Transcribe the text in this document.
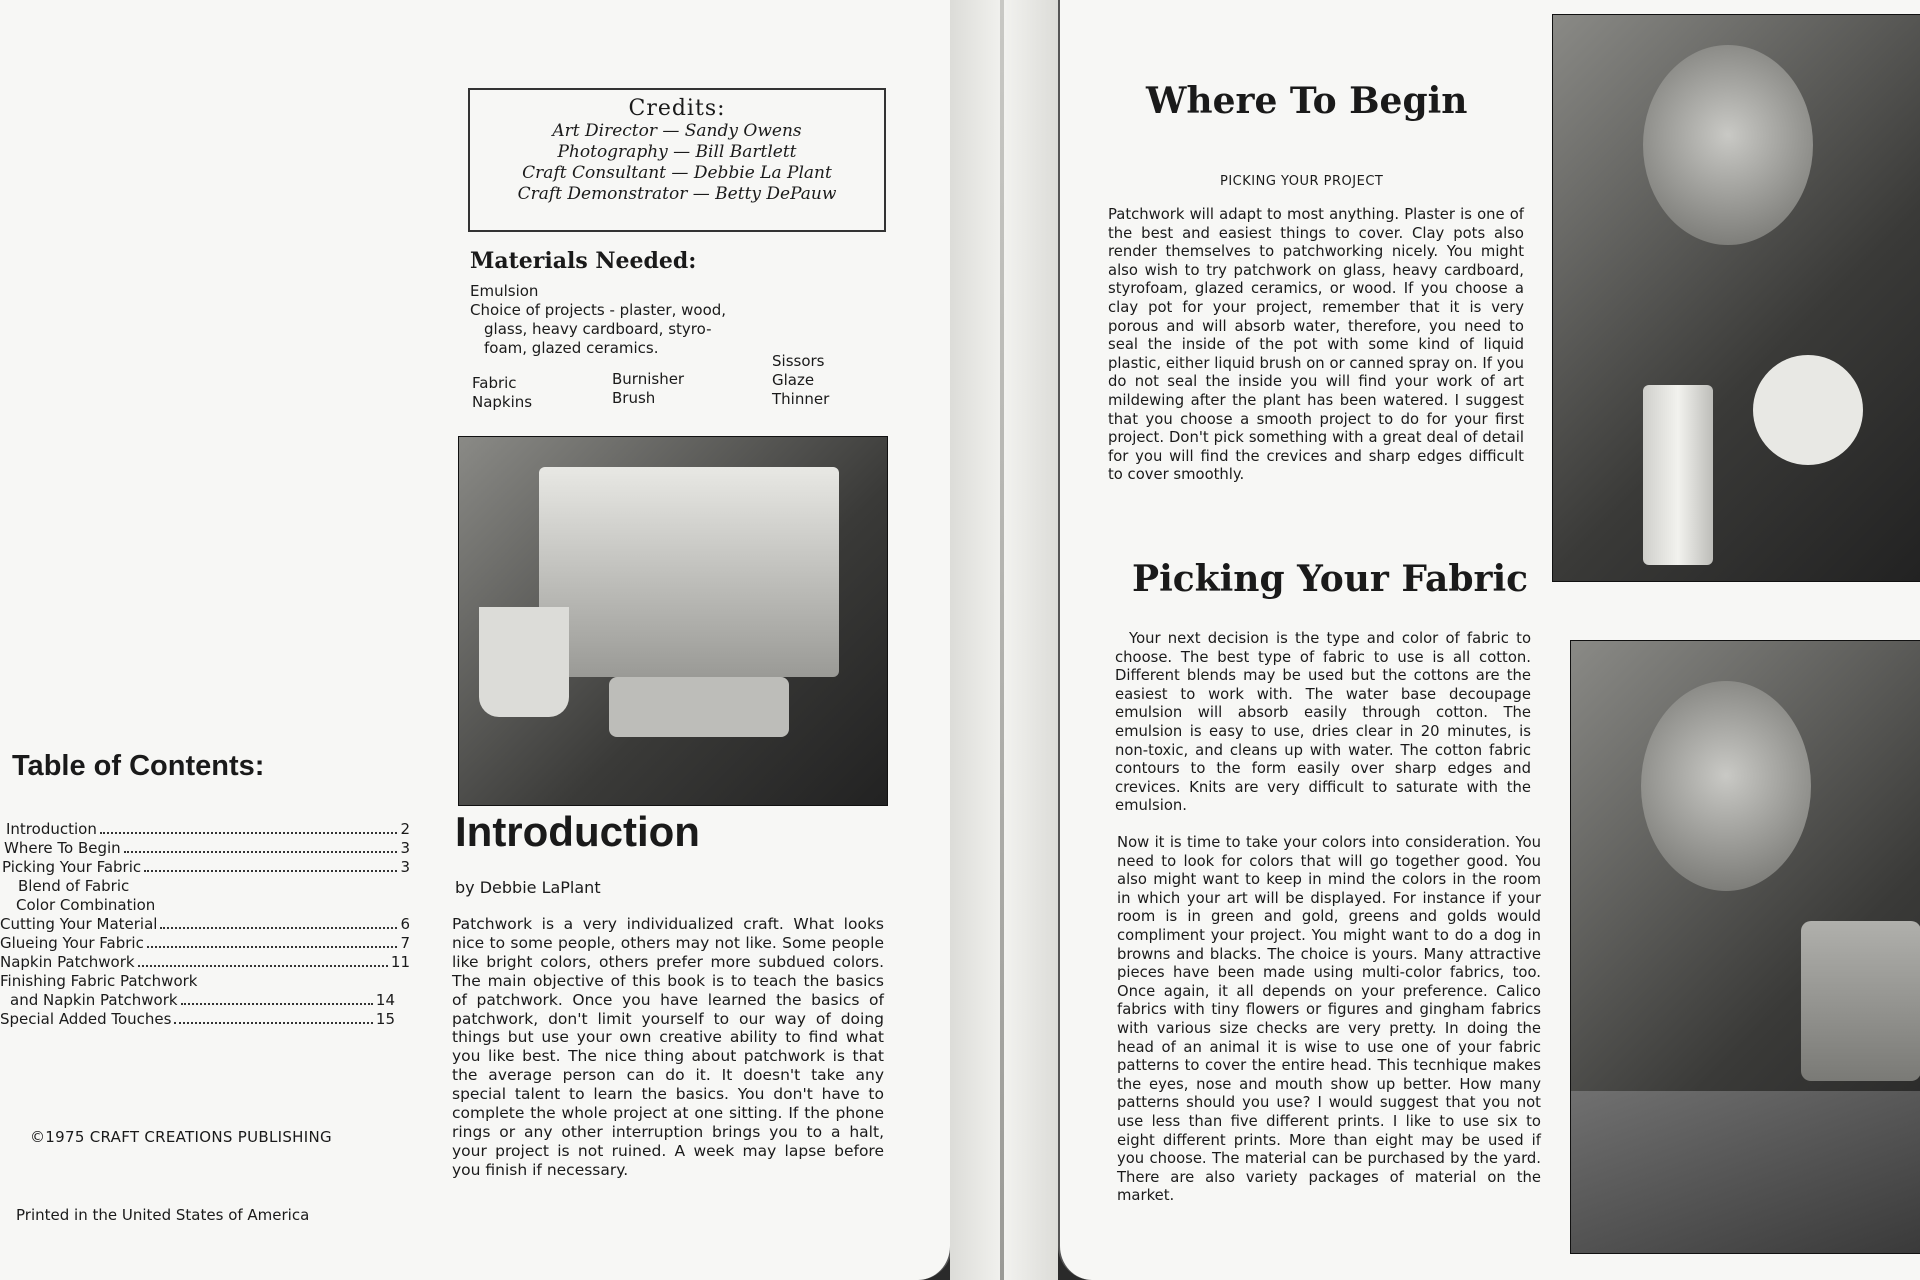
Credits:
Art Director — Sandy Owens
Photography — Bill Bartlett
Craft Consultant — Debbie La Plant
Craft Demonstrator — Betty DePauw
Materials Needed:
Emulsion
Choice of projects - plaster, wood,
glass, heavy cardboard, styro-
foam, glazed ceramics.
Fabric
Napkins
Burnisher
Brush
Sissors
Glaze
Thinner
Introduction
by Debbie LaPlant
Patchwork is a very individualized craft. What looks nice to some people, others may not like. Some people like bright colors, others prefer more subdued colors. The main objective of this book is to teach the basics of patchwork. Once you have learned the basics of patchwork, don't limit yourself to our way of doing things but use your own creative ability to find what you like best. The nice thing about patchwork is that the average person can do it. It doesn't take any special talent to learn the basics. You don't have to complete the whole project at one sitting. If the phone rings or any other interruption brings you to a halt, your project is not ruined. A week may lapse before you finish if necessary.
Table of Contents:
Introduction	2
Where To Begin	3
Picking Your Fabric	3
Blend of Fabric
Color Combination
Cutting Your Material	6
Glueing Your Fabric	7
Napkin Patchwork	11
Finishing Fabric Patchwork
and Napkin Patchwork	14
Special Added Touches	15
©1975 CRAFT CREATIONS PUBLISHING
Printed in the United States of America
Where To Begin
PICKING YOUR PROJECT
Patchwork will adapt to most anything. Plaster is one of the best and easiest things to cover. Clay pots also render themselves to patchworking nicely. You might also wish to try patchwork on glass, heavy cardboard, styrofoam, glazed ceramics, or wood. If you choose a clay pot for your project, remember that it is very porous and will absorb water, therefore, you need to seal the inside of the pot with some kind of liquid plastic, either liquid brush on or canned spray on. If you do not seal the inside you will find your work of art mildewing after the plant has been watered. I suggest that you choose a smooth project to do for your first project. Don't pick something with a great deal of detail for you will find the crevices and sharp edges difficult to cover smoothly.
Picking Your Fabric
Your next decision is the type and color of fabric to choose. The best type of fabric to use is all cotton. Different blends may be used but the cottons are the easiest to work with. The water base decoupage emulsion will absorb easily through cotton. The emulsion is easy to use, dries clear in 20 minutes, is non-toxic, and cleans up with water. The cotton fabric contours to the form easily over sharp edges and crevices. Knits are very difficult to saturate with the emulsion.
Now it is time to take your colors into consideration. You need to look for colors that will go together good. You also might want to keep in mind the colors in the room in which your art will be displayed. For instance if your room is in green and gold, greens and golds would compliment your project. You might want to do a dog in browns and blacks. The choice is yours. Many attractive pieces have been made using multi-color fabrics, too. Once again, it all depends on your preference. Calico fabrics with tiny flowers or figures and gingham fabrics with various size checks are very pretty. In doing the head of an animal it is wise to use one of your fabric patterns to cover the entire head. This tecnhique makes the eyes, nose and mouth show up better. How many patterns should you use? I would suggest that you not use less than five different prints. I like to use six to eight different prints. More than eight may be used if you choose. The material can be purchased by the yard. There are also variety packages of material on the market.
